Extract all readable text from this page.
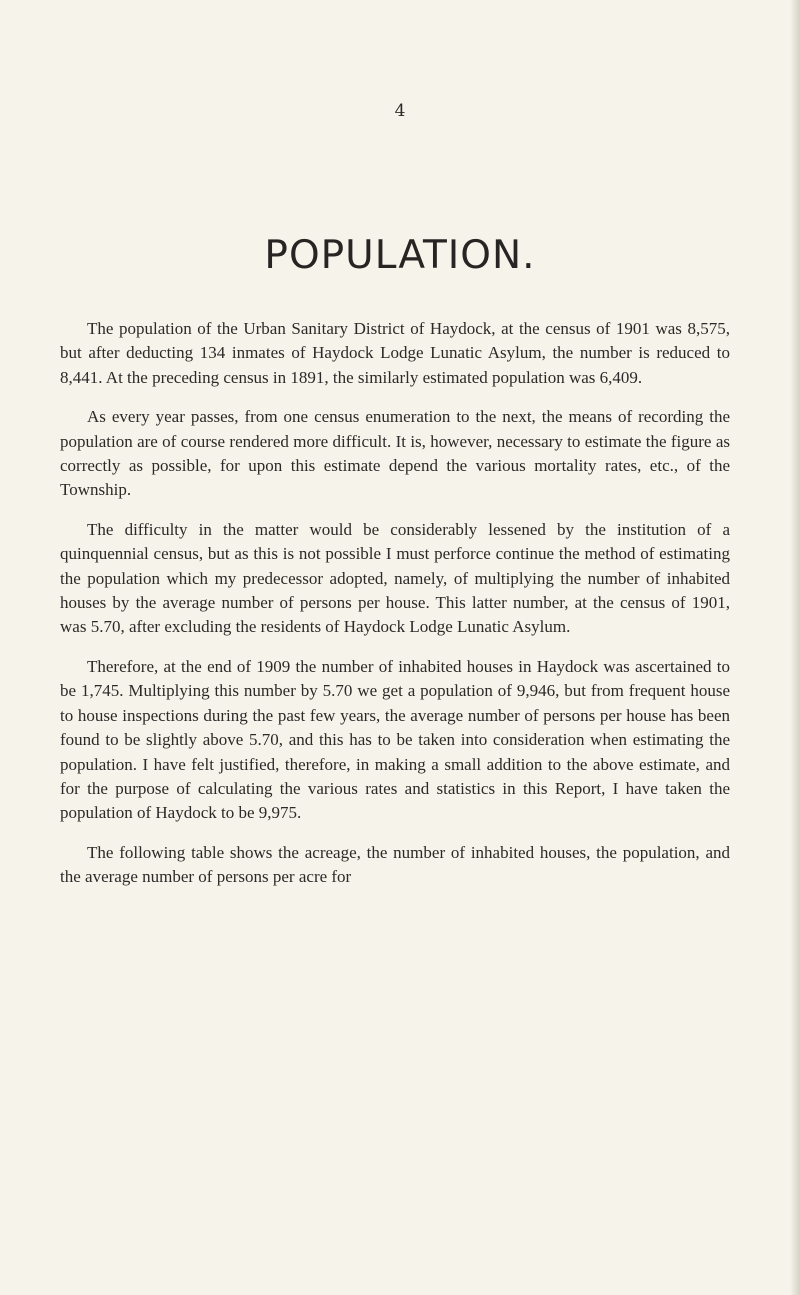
4
POPULATION.

The population of the Urban Sanitary District of Haydock, at the census of 1901 was 8,575, but after deducting 134 inmates of Haydock Lodge Lunatic Asylum, the number is reduced to 8,441. At the preceding census in 1891, the similarly estimated population was 6,409.

As every year passes, from one census enumeration to the next, the means of recording the population are of course rendered more difficult. It is, however, necessary to estimate the figure as correctly as possible, for upon this estimate depend the various mortality rates, etc., of the Township.

The difficulty in the matter would be considerably lessened by the institution of a quinquennial census, but as this is not possible I must perforce continue the method of estimating the population which my predecessor adopted, namely, of multiplying the number of inhabited houses by the average number of persons per house. This latter number, at the census of 1901, was 5.70, after excluding the residents of Haydock Lodge Lunatic Asylum.

Therefore, at the end of 1909 the number of inhabited houses in Haydock was ascertained to be 1,745. Multiplying this number by 5.70 we get a population of 9,946, but from frequent house to house inspections during the past few years, the average number of persons per house has been found to be slightly above 5.70, and this has to be taken into consideration when estimating the population. I have felt justified, therefore, in making a small addition to the above estimate, and for the purpose of calculating the various rates and statistics in this Report, I have taken the population of Haydock to be 9,975.

The following table shows the acreage, the number of inhabited houses, the population, and the average number of persons per acre for
